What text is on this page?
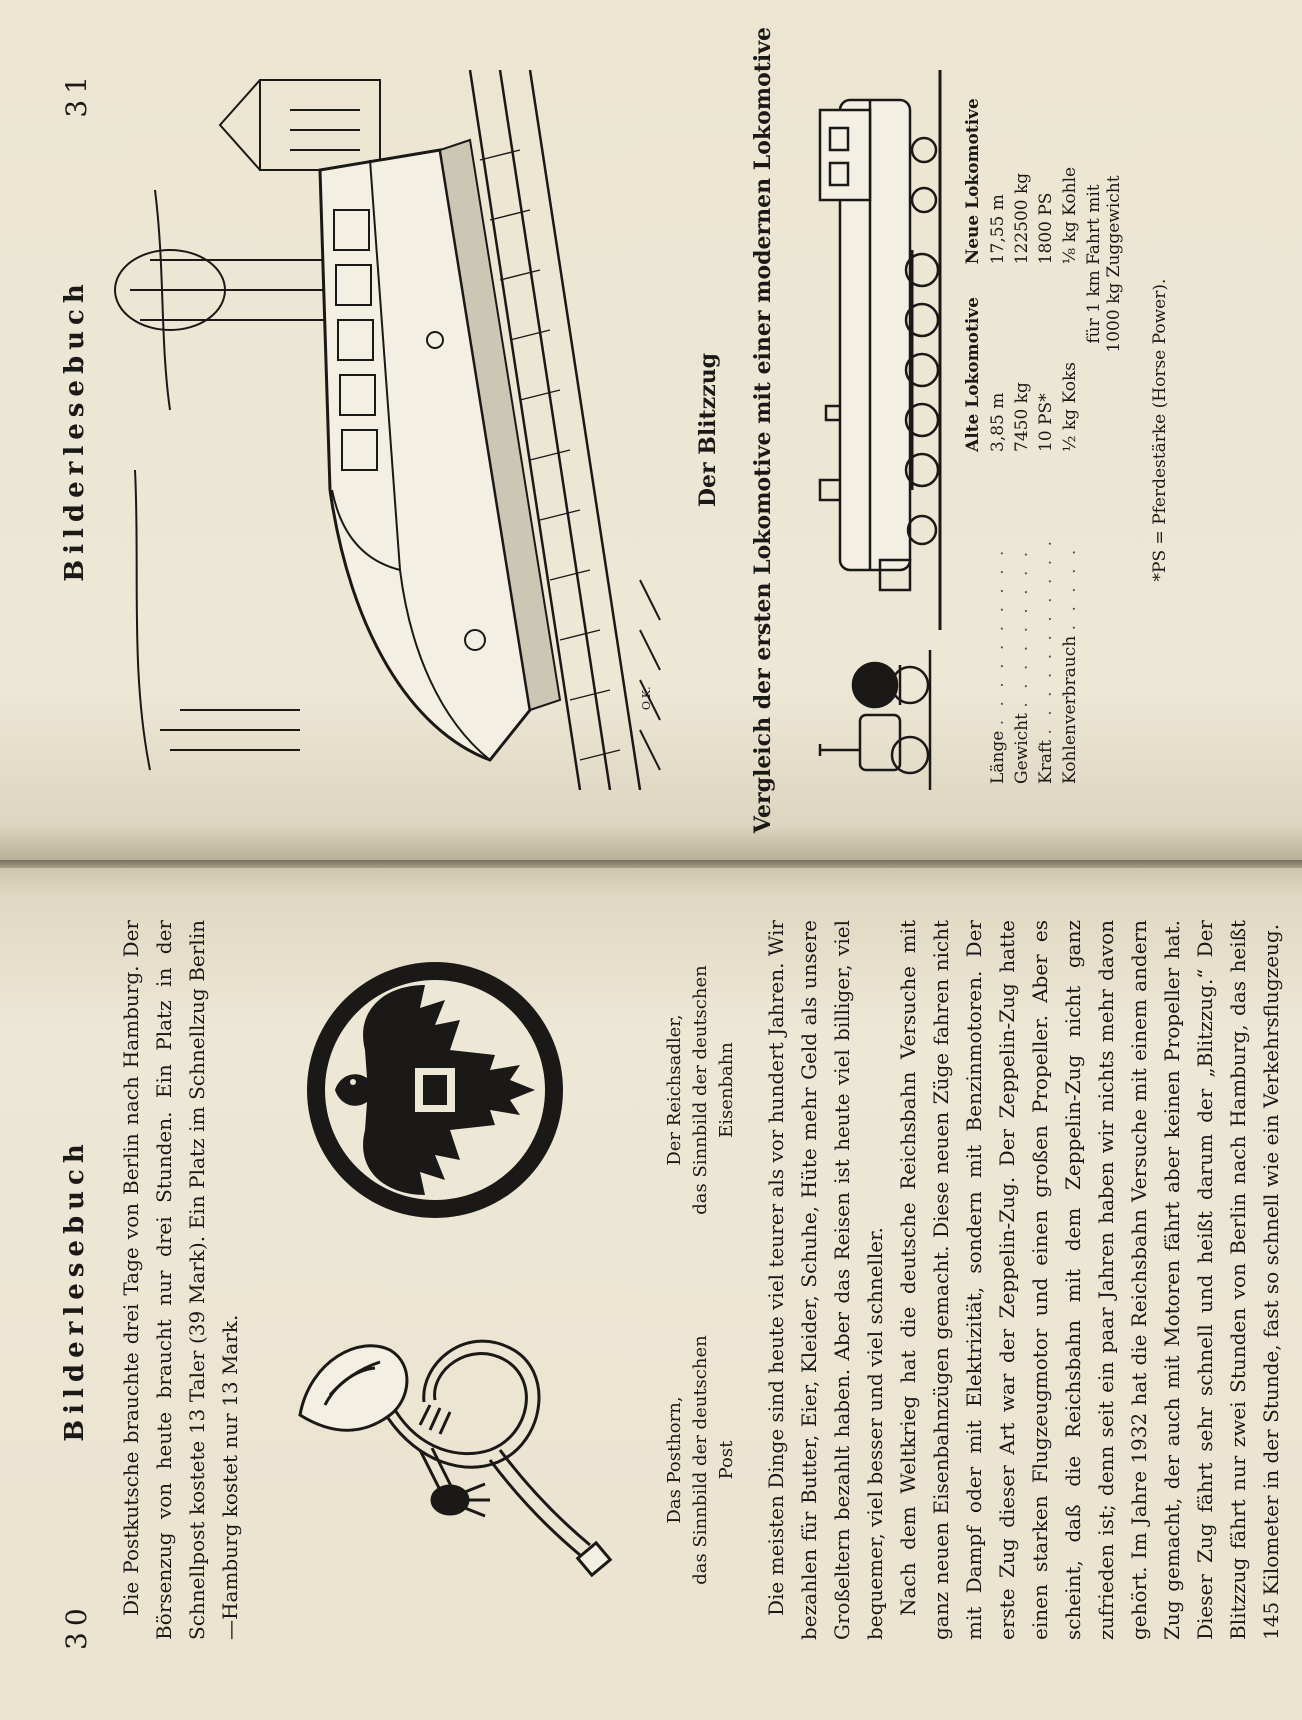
30
Bilderlesebuch Die Postkutsche brauchte drei Tage von Berlin nach Hamburg. Der Börsenzug von heute braucht nur drei Stunden. Ein Platz in der Schnellpost kostete 13 Taler (39 Mark). Ein Platz im Schnellzug Berlin—Hamburg kostet nur 13 Mark.	Das Posthorn, das Sinnbild der deutschen Post
Der Reichsadler, das Sinnbild der deutschen Eisenbahn Die meisten Dinge sind heute viel teurer als vor hundert Jahren. Wir bezahlen für Butter, Eier, Kleider, Schuhe, Hüte mehr Geld als unsere Großeltern bezahlt haben. Aber das Reisen ist heute viel billiger, viel bequemer, viel besser und viel schneller. Nach dem Weltkrieg hat die deutsche Reichsbahn Versuche mit ganz neuen Eisenbahnzügen gemacht. Diese neuen Züge fahren nicht mit Dampf oder mit Elektrizität, sondern mit Benzinmotoren. Der erste Zug dieser Art war der Zeppelin-Zug. Der Zeppelin-Zug hatte einen starken Flugzeugmotor und einen großen Propeller. Aber es scheint, daß die Reichsbahn mit dem Zeppelin-Zug nicht ganz zufrieden ist; denn seit ein paar Jahren haben wir nichts mehr davon gehört. Im Jahre 1932 hat die Reichsbahn Versuche mit einem andern Zug gemacht, der auch mit Motoren fährt aber keinen Propeller hat. Dieser Zug fährt sehr schnell und heißt darum der „Blitzzug.“ Der Blitzzug fährt nur zwei Stunden von Berlin nach Hamburg, das heißt 145 Kilometer in der Stunde, fast so schnell wie ein Verkehrsflugzeug.

Bilderlesebuch
31
O.K.
Der Blitzzug Vergleich der ersten Lokomotive mit einer modernen Lokomotive
		Alte Lokomotive	Neue Lokomotive
Länge . . . . . . . . . .	3,85 m	17,55 m
Gewicht . . . . . . . . .	7450 kg	122500 kg
Kraft . . . . . . . . . . .	10 PS*	1800 PS
Kohlenverbrauch . . . . .	½ kg Koks	⅛ kg Kohle

	für 1 km Fahrt mit 1000 kg Zuggewicht	
*PS = Pferdestärke (Horse Power).
